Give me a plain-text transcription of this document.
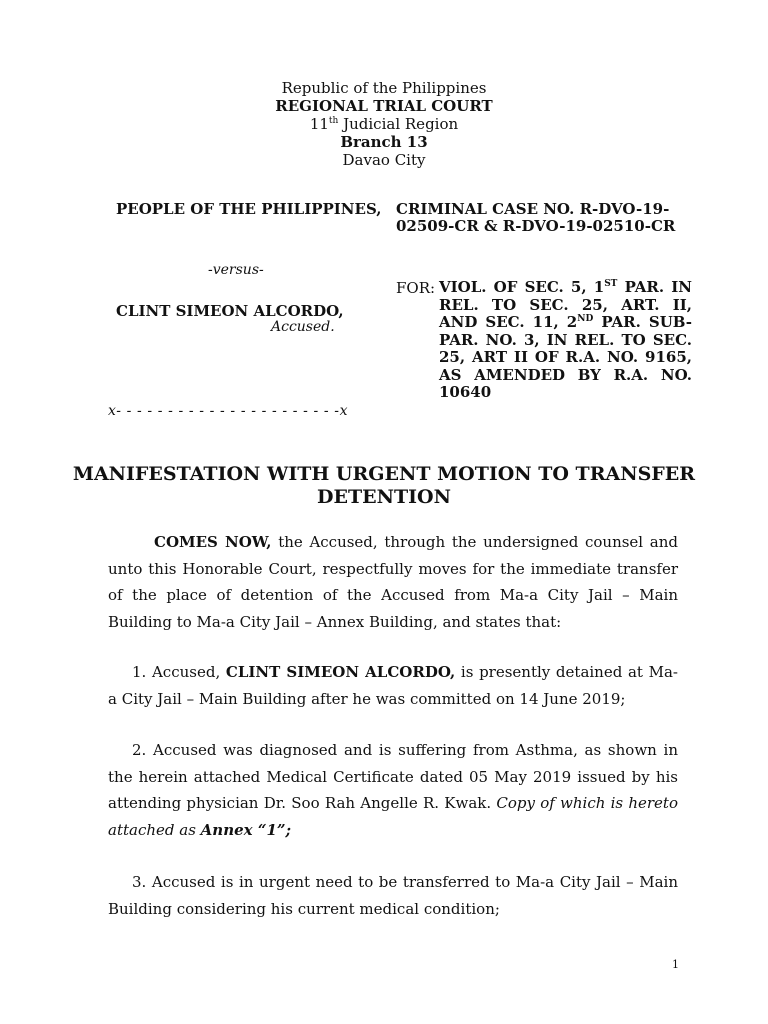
Republic of the Philippines
REGIONAL TRIAL COURT
11th Judicial Region
Branch 13
Davao City
PEOPLE OF THE PHILIPPINES,
-versus-
CLINT SIMEON ALCORDO,
Accused.
x- - - - - - - - - - - - - - - - - - - - - -x
CRIMINAL CASE NO. R-DVO-19-02509-CR & R-DVO-19-02510-CR
FOR: VIOL. OF SEC. 5, 1ST PAR. IN REL. TO SEC. 25, ART. II, AND SEC. 11, 2ND PAR. SUB-PAR. NO. 3, IN REL. TO SEC. 25, ART II OF R.A. NO. 9165, AS AMENDED BY R.A. NO. 10640
MANIFESTATION WITH URGENT MOTION TO TRANSFER DETENTION
COMES NOW, the Accused, through the undersigned counsel and unto this Honorable Court, respectfully moves for the immediate transfer of the place of detention of the Accused from Ma-a City Jail – Main Building to Ma-a City Jail – Annex Building, and states that:
1. Accused, CLINT SIMEON ALCORDO, is presently detained at Ma-a City Jail – Main Building after he was committed on 14 June 2019;
2. Accused was diagnosed and is suffering from Asthma, as shown in the herein attached Medical Certificate dated 05 May 2019 issued by his attending physician Dr. Soo Rah Angelle R. Kwak. Copy of which is hereto attached as Annex “1”;
3. Accused is in urgent need to be transferred to Ma-a City Jail – Main Building considering his current medical condition;
1
